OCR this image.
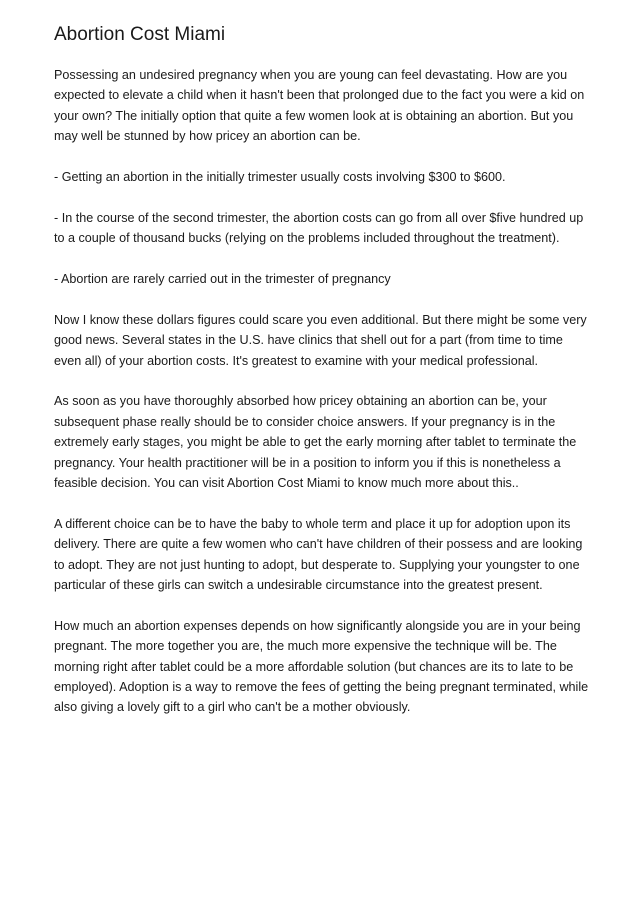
Abortion Cost Miami

Possessing an undesired pregnancy when you are young can feel devastating. How are you expected to elevate a child when it hasn't been that prolonged due to the fact you were a kid on your own? The initially option that quite a few women look at is obtaining an abortion. But you may well be stunned by how pricey an abortion can be.

- Getting an abortion in the initially trimester usually costs involving $300 to $600.

- In the course of the second trimester, the abortion costs can go from all over $five hundred up to a couple of thousand bucks (relying on the problems included throughout the treatment).

- Abortion are rarely carried out in the trimester of pregnancy

Now I know these dollars figures could scare you even additional. But there might be some very good news. Several states in the U.S. have clinics that shell out for a part (from time to time even all) of your abortion costs. It's greatest to examine with your medical professional.

As soon as you have thoroughly absorbed how pricey obtaining an abortion can be, your subsequent phase really should be to consider choice answers. If your pregnancy is in the extremely early stages, you might be able to get the early morning after tablet to terminate the pregnancy. Your health practitioner will be in a position to inform you if this is nonetheless a feasible decision. You can visit Abortion Cost Miami to know much more about this..

A different choice can be to have the baby to whole term and place it up for adoption upon its delivery. There are quite a few women who can't have children of their possess and are looking to adopt. They are not just hunting to adopt, but desperate to. Supplying your youngster to one particular of these girls can switch a undesirable circumstance into the greatest present.

How much an abortion expenses depends on how significantly alongside you are in your being pregnant. The more together you are, the much more expensive the technique will be. The morning right after tablet could be a more affordable solution (but chances are its to late to be employed). Adoption is a way to remove the fees of getting the being pregnant terminated, while also giving a lovely gift to a girl who can't be a mother obviously.
